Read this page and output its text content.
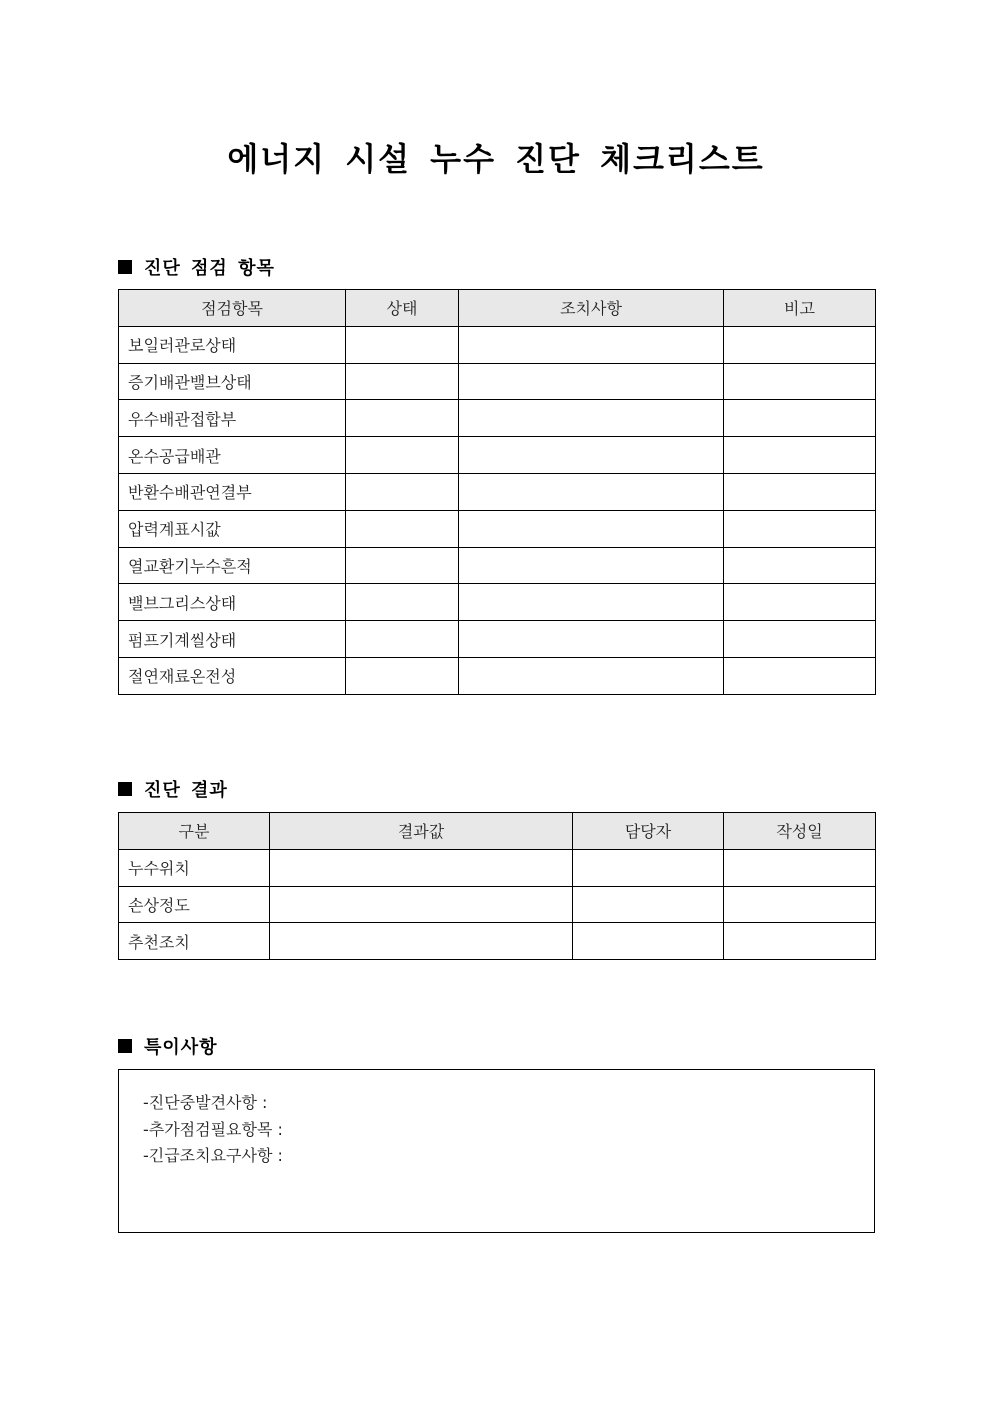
에너지 시설 누수 진단 체크리스트
진단 점검 항목
점검항목	상태	조치사항	비고
보일러관로상태			
증기배관밸브상태			
우수배관접합부			
온수공급배관			
반환수배관연결부			
압력계표시값			
열교환기누수흔적			
밸브그리스상태			
펌프기계씰상태			
절연재료온전성			
진단 결과
구분	결과값	담당자	작성일
누수위치			
손상정도			
추천조치			
특이사항
-진단중발견사항 :
-추가점검필요항목 :
-긴급조치요구사항 :
